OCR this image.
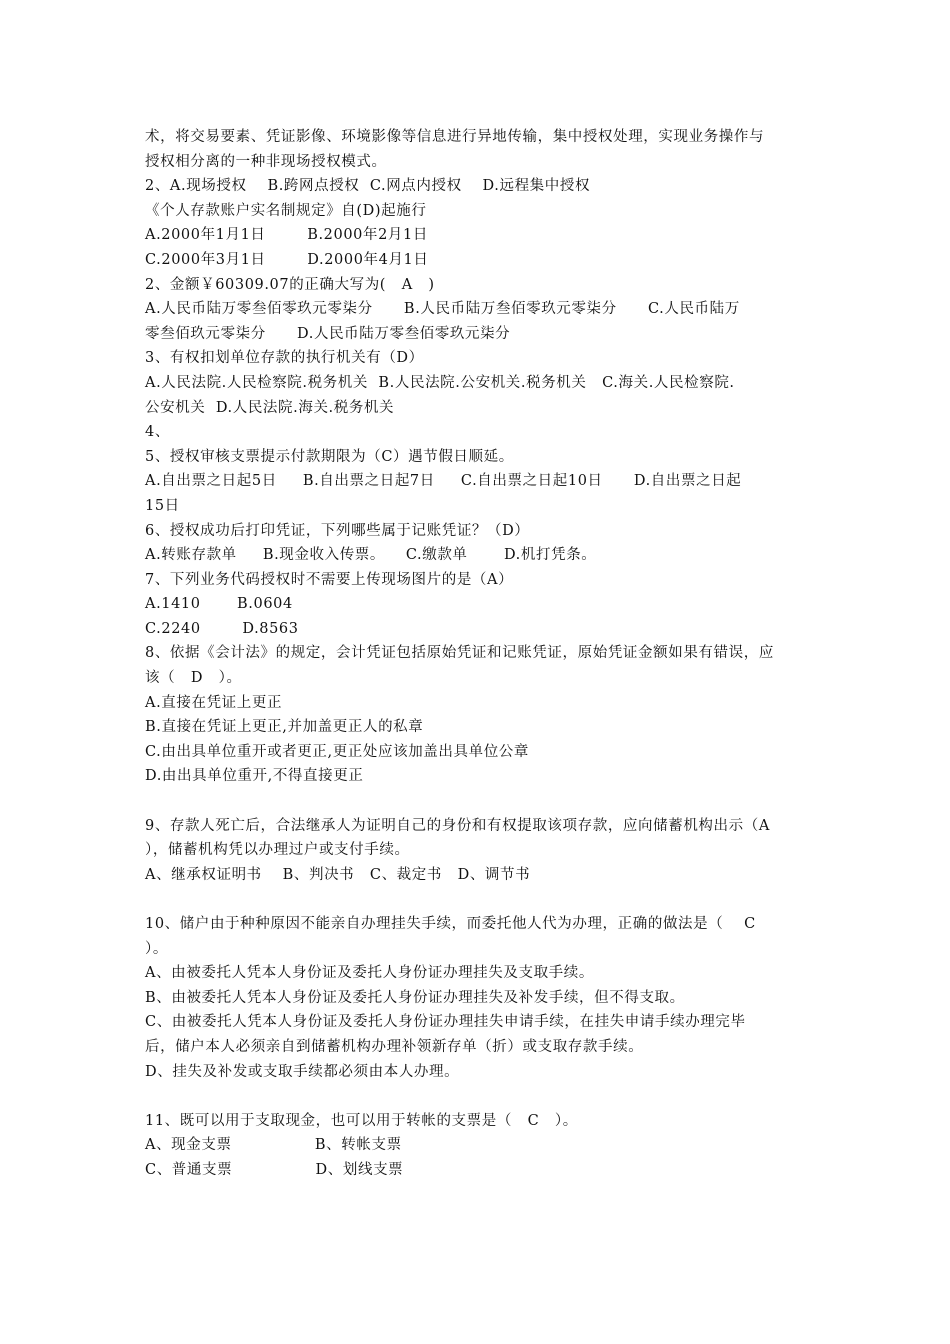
术，将交易要素、凭证影像、环境影像等信息进行异地传输，集中授权处理，实现业务操作与
授权相分离的一种非现场授权模式。
2、A.现场授权    B.跨网点授权  C.网点内授权    D.远程集中授权
《个人存款账户实名制规定》自(D)起施行
A.2000年1月1日        B.2000年2月1日
C.2000年3月1日        D.2000年4月1日
2、金额￥60309.07的正确大写为(   A   )
A.人民币陆万零叁佰零玖元零柒分      B.人民币陆万叁佰零玖元零柒分      C.人民币陆万
零叁佰玖元零柒分      D.人民币陆万零叁佰零玖元柒分
3、有权扣划单位存款的执行机关有（D）
A.人民法院.人民检察院.税务机关  B.人民法院.公安机关.税务机关   C.海关.人民检察院.
公安机关  D.人民法院.海关.税务机关
4、
5、授权审核支票提示付款期限为（C）遇节假日顺延。
A.自出票之日起5日     B.自出票之日起7日     C.自出票之日起10日      D.自出票之日起
15日
6、授权成功后打印凭证，下列哪些属于记账凭证？（D）
A.转账存款单     B.现金收入传票。    C.缴款单       D.机打凭条。
7、下列业务代码授权时不需要上传现场图片的是（A）
A.1410       B.0604
C.2240        D.8563
8、依据《会计法》的规定，会计凭证包括原始凭证和记账凭证，原始凭证金额如果有错误，应
该（   D   ）。
A.直接在凭证上更正
B.直接在凭证上更正,并加盖更正人的私章
C.由出具单位重开或者更正,更正处应该加盖出具单位公章
D.由出具单位重开,不得直接更正
9、存款人死亡后，合法继承人为证明自己的身份和有权提取该项存款，应向储蓄机构出示（A
），储蓄机构凭以办理过户或支付手续。
A、继承权证明书    B、判决书   C、裁定书   D、调节书
10、储户由于种种原因不能亲自办理挂失手续，而委托他人代为办理，正确的做法是（    C
）。
A、由被委托人凭本人身份证及委托人身份证办理挂失及支取手续。
B、由被委托人凭本人身份证及委托人身份证办理挂失及补发手续，但不得支取。
C、由被委托人凭本人身份证及委托人身份证办理挂失申请手续，在挂失申请手续办理完毕
后，储户本人必须亲自到储蓄机构办理补领新存单（折）或支取存款手续。
D、挂失及补发或支取手续都必须由本人办理。
11、既可以用于支取现金，也可以用于转帐的支票是（   C   ）。
A、现金支票                B、转帐支票
C、普通支票                D、划线支票
